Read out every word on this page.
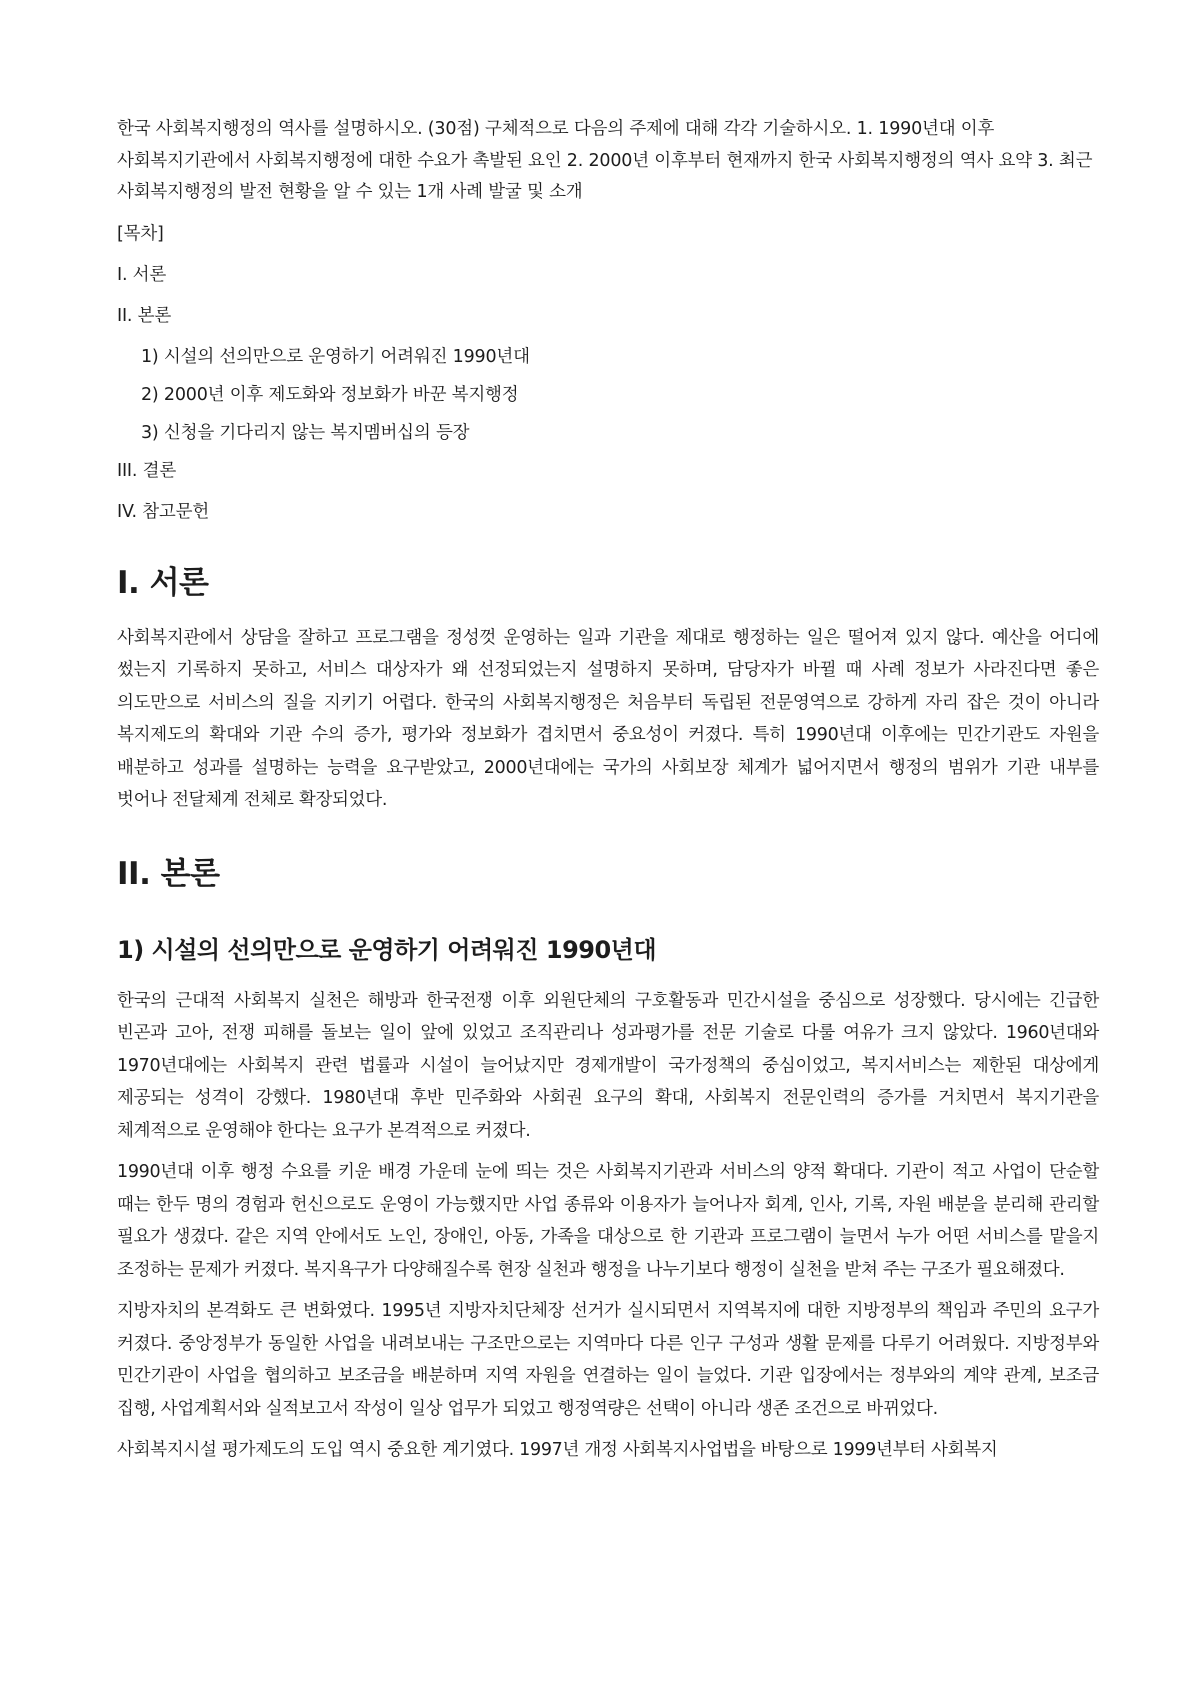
한국 사회복지행정의 역사를 설명하시오. (30점) 구체적으로 다음의 주제에 대해 각각 기술하시오. 1. 1990년대 이후 사회복지기관에서 사회복지행정에 대한 수요가 촉발된 요인 2. 2000년 이후부터 현재까지 한국 사회복지행정의 역사 요약 3. 최근 사회복지행정의 발전 현황을 알 수 있는 1개 사례 발굴 및 소개

[목차]

I. 서론
II. 본론
1) 시설의 선의만으로 운영하기 어려워진 1990년대
2) 2000년 이후 제도화와 정보화가 바꾼 복지행정
3) 신청을 기다리지 않는 복지멤버십의 등장
III. 결론
IV. 참고문헌
I. 서론

사회복지관에서 상담을 잘하고 프로그램을 정성껏 운영하는 일과 기관을 제대로 행정하는 일은 떨어져 있지 않다. 예산을 어디에 썼는지 기록하지 못하고, 서비스 대상자가 왜 선정되었는지 설명하지 못하며, 담당자가 바뀔 때 사례 정보가 사라진다면 좋은 의도만으로 서비스의 질을 지키기 어렵다. 한국의 사회복지행정은 처음부터 독립된 전문영역으로 강하게 자리 잡은 것이 아니라 복지제도의 확대와 기관 수의 증가, 평가와 정보화가 겹치면서 중요성이 커졌다. 특히 1990년대 이후에는 민간기관도 자원을 배분하고 성과를 설명하는 능력을 요구받았고, 2000년대에는 국가의 사회보장 체계가 넓어지면서 행정의 범위가 기관 내부를 벗어나 전달체계 전체로 확장되었다.

II. 본론
1) 시설의 선의만으로 운영하기 어려워진 1990년대

한국의 근대적 사회복지 실천은 해방과 한국전쟁 이후 외원단체의 구호활동과 민간시설을 중심으로 성장했다. 당시에는 긴급한 빈곤과 고아, 전쟁 피해를 돌보는 일이 앞에 있었고 조직관리나 성과평가를 전문 기술로 다룰 여유가 크지 않았다. 1960년대와 1970년대에는 사회복지 관련 법률과 시설이 늘어났지만 경제개발이 국가정책의 중심이었고, 복지서비스는 제한된 대상에게 제공되는 성격이 강했다. 1980년대 후반 민주화와 사회권 요구의 확대, 사회복지 전문인력의 증가를 거치면서 복지기관을 체계적으로 운영해야 한다는 요구가 본격적으로 커졌다.

1990년대 이후 행정 수요를 키운 배경 가운데 눈에 띄는 것은 사회복지기관과 서비스의 양적 확대다. 기관이 적고 사업이 단순할 때는 한두 명의 경험과 헌신으로도 운영이 가능했지만 사업 종류와 이용자가 늘어나자 회계, 인사, 기록, 자원 배분을 분리해 관리할 필요가 생겼다. 같은 지역 안에서도 노인, 장애인, 아동, 가족을 대상으로 한 기관과 프로그램이 늘면서 누가 어떤 서비스를 맡을지 조정하는 문제가 커졌다. 복지욕구가 다양해질수록 현장 실천과 행정을 나누기보다 행정이 실천을 받쳐 주는 구조가 필요해졌다.

지방자치의 본격화도 큰 변화였다. 1995년 지방자치단체장 선거가 실시되면서 지역복지에 대한 지방정부의 책임과 주민의 요구가 커졌다. 중앙정부가 동일한 사업을 내려보내는 구조만으로는 지역마다 다른 인구 구성과 생활 문제를 다루기 어려웠다. 지방정부와 민간기관이 사업을 협의하고 보조금을 배분하며 지역 자원을 연결하는 일이 늘었다. 기관 입장에서는 정부와의 계약 관계, 보조금 집행, 사업계획서와 실적보고서 작성이 일상 업무가 되었고 행정역량은 선택이 아니라 생존 조건으로 바뀌었다.

사회복지시설 평가제도의 도입 역시 중요한 계기였다. 1997년 개정 사회복지사업법을 바탕으로 1999년부터 사회복지
